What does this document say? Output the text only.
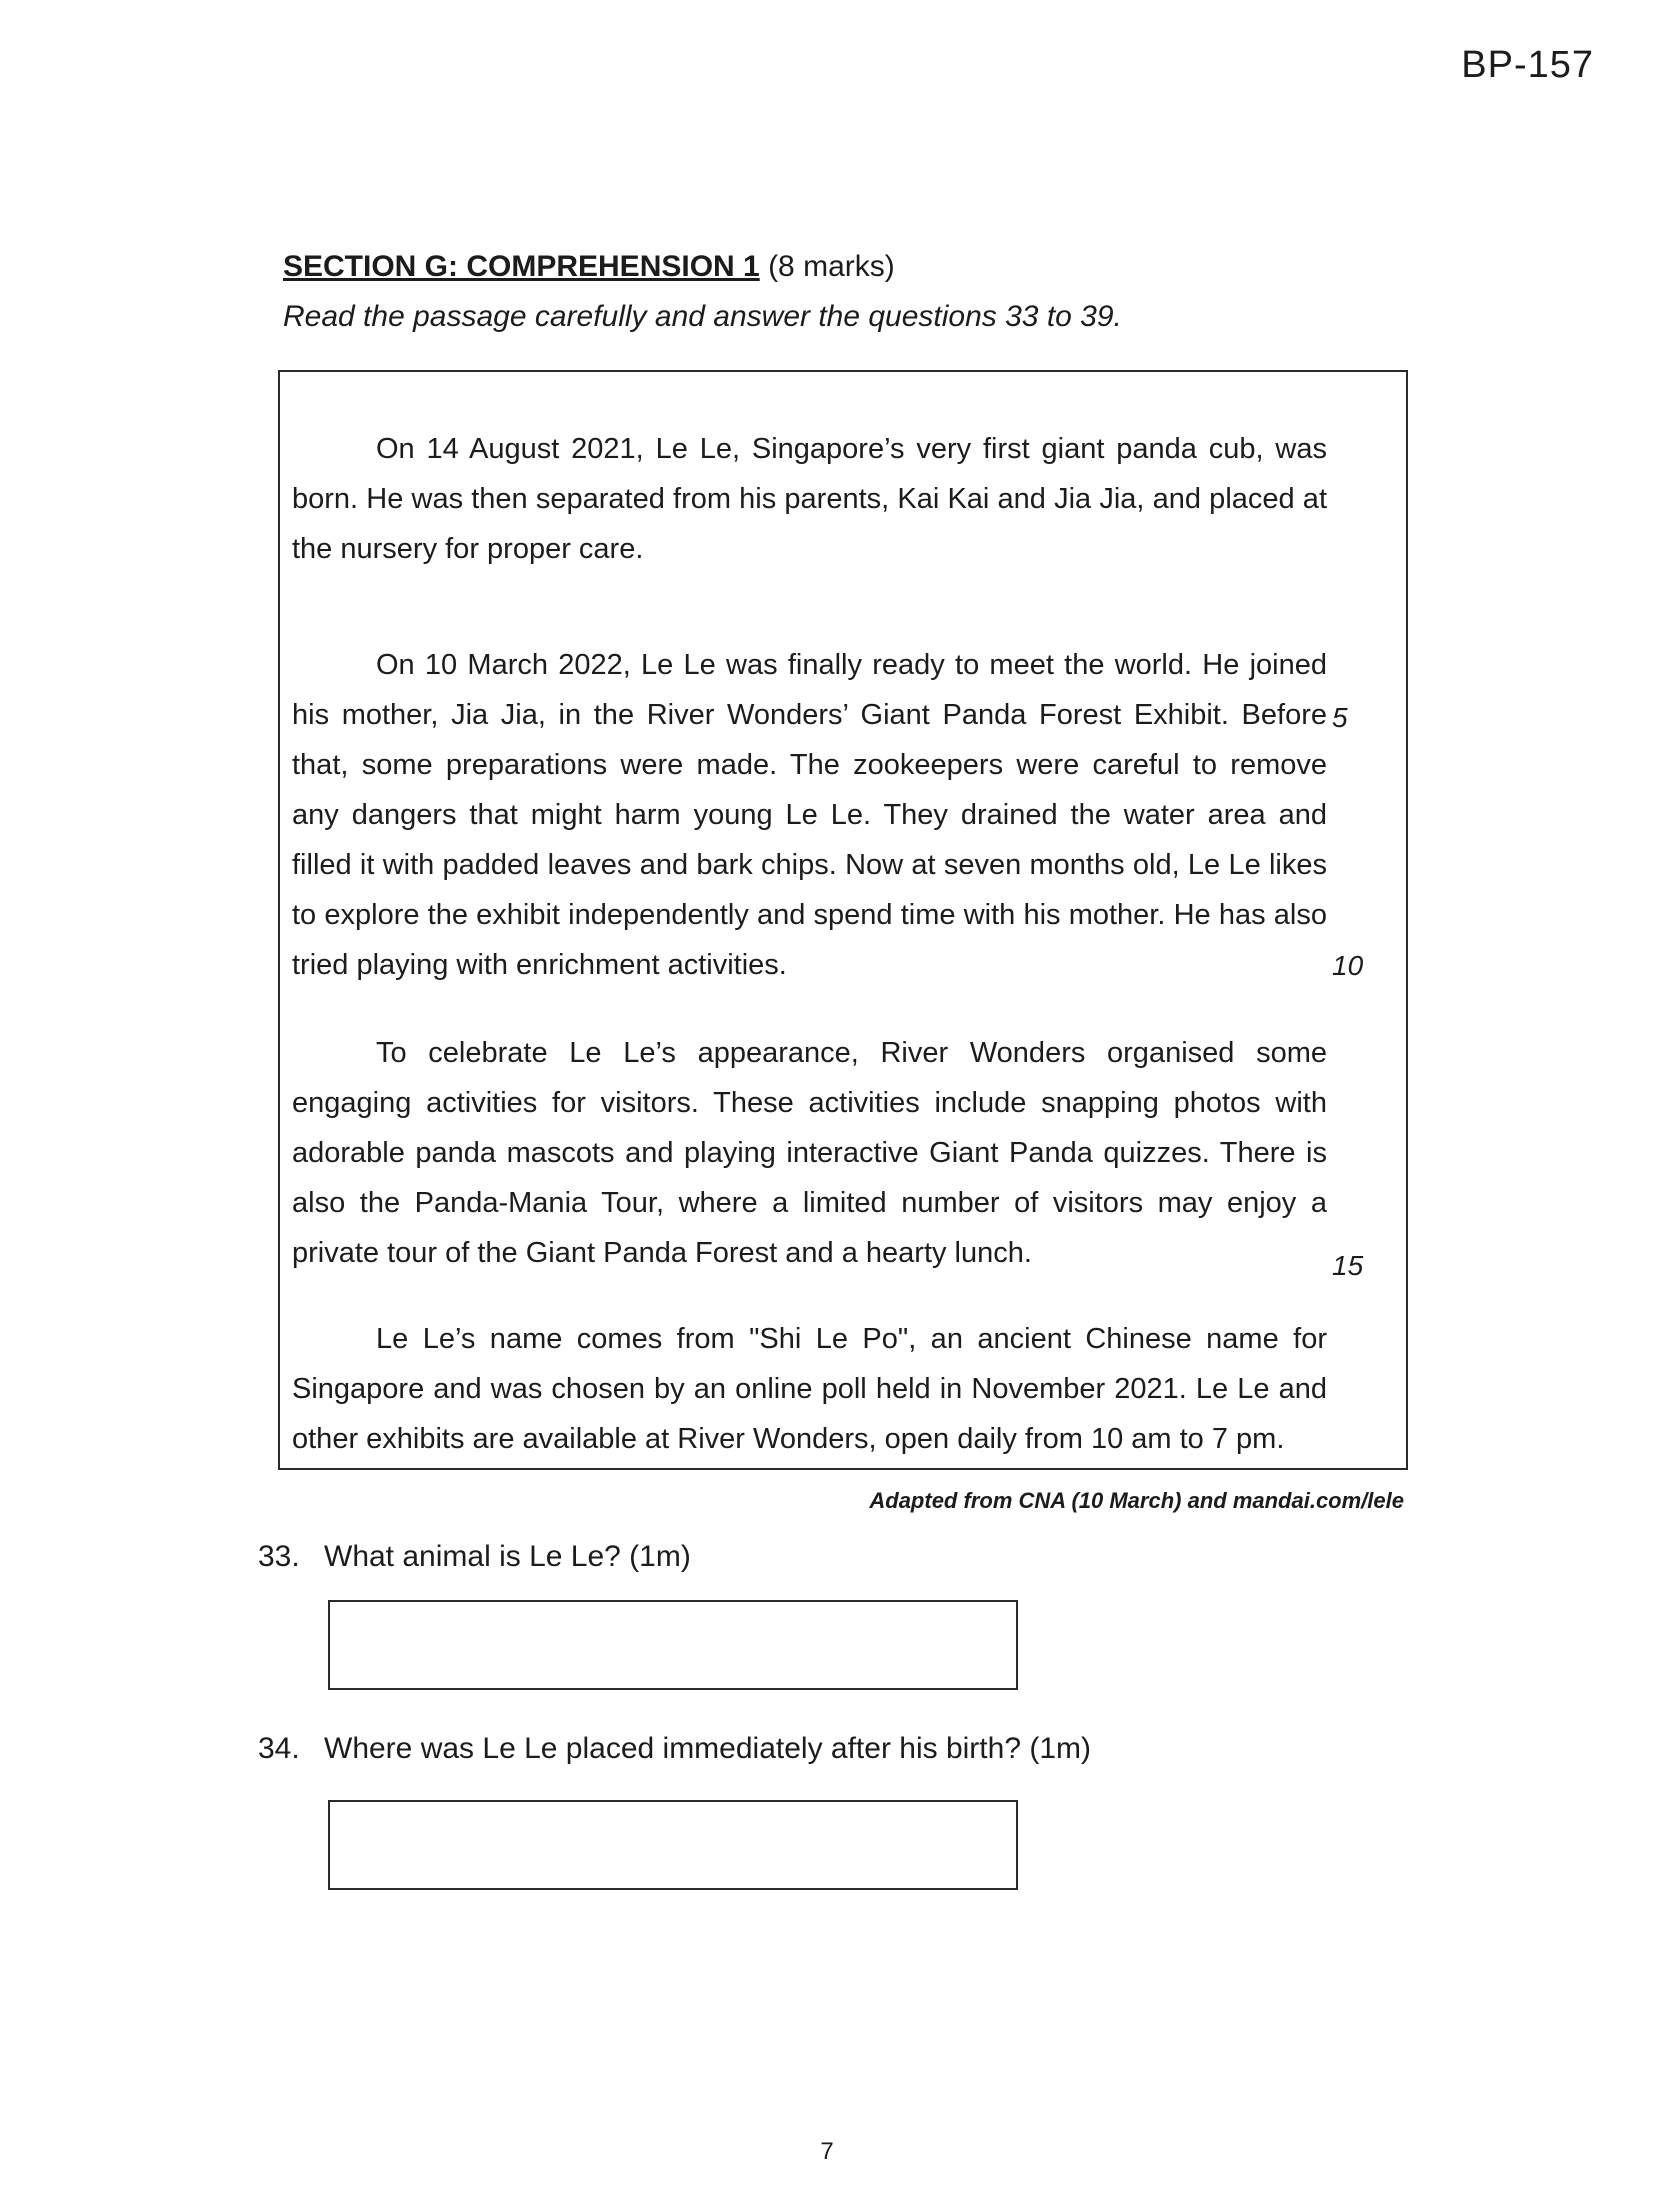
BP-157
SECTION G: COMPREHENSION 1 (8 marks)
Read the passage carefully and answer the questions 33 to 39.

On 14 August 2021, Le Le, Singapore’s very first giant panda cub, was born. He was then separated from his parents, Kai Kai and Jia Jia, and placed at the nursery for proper care.

On 10 March 2022, Le Le was finally ready to meet the world. He joined his mother, Jia Jia, in the River Wonders’ Giant Panda Forest Exhibit. Before that, some preparations were made. The zookeepers were careful to remove any dangers that might harm young Le Le. They drained the water area and filled it with padded leaves and bark chips. Now at seven months old, Le Le likes to explore the exhibit independently and spend time with his mother. He has also tried playing with enrichment activities.

To celebrate Le Le’s appearance, River Wonders organised some engaging activities for visitors. These activities include snapping photos with adorable panda mascots and playing interactive Giant Panda quizzes. There is also the Panda-Mania Tour, where a limited number of visitors may enjoy a private tour of the Giant Panda Forest and a hearty lunch.

Le Le’s name comes from "Shi Le Po", an ancient Chinese name for Singapore and was chosen by an online poll held in November 2021. Le Le and other exhibits are available at River Wonders, open daily from 10 am to 7 pm.

5
10
15
Adapted from CNA (10 March) and mandai.com/lele
33. What animal is Le Le? (1m)
34. Where was Le Le placed immediately after his birth? (1m)
7
